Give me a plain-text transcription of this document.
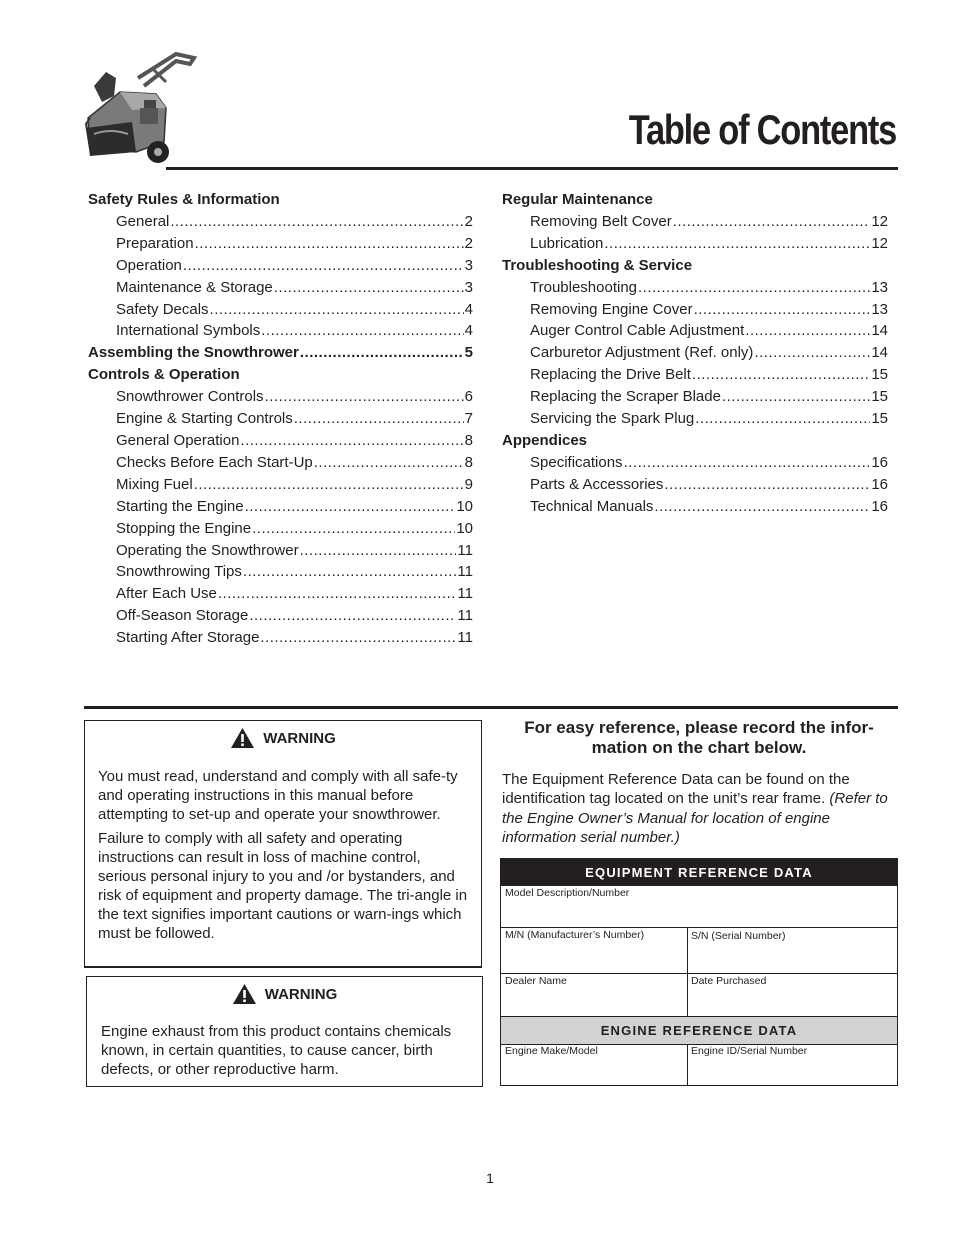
Table of Contents
Safety Rules & Information
General .....	2
Preparation .....	2
Operation .....	3
Maintenance & Storage .....	3
Safety Decals .....	4
International Symbols .....	4
Assembling the Snowthrower .....	5
Controls & Operation
Snowthrower Controls .....	6
Engine & Starting Controls .....	7
General Operation .....	8
Checks Before Each Start-Up .....	8
Mixing Fuel .....	9
Starting the Engine .....	10
Stopping the Engine .....	10
Operating the Snowthrower .....	11
Snowthrowing Tips .....	11
After Each Use .....	11
Off-Season Storage .....	11
Starting After Storage .....	11
Regular Maintenance
Removing Belt Cover .....	12
Lubrication .....	12
Troubleshooting & Service
Troubleshooting .....	13
Removing Engine Cover .....	13
Auger Control Cable Adjustment .....	14
Carburetor Adjustment (Ref. only) .....	14
Replacing the Drive Belt .....	15
Replacing the Scraper Blade .....	15
Servicing the Spark Plug .....	15
Appendices
Specifications .....	16
Parts & Accessories .....	16
Technical Manuals .....	16
WARNING

You must read, understand and comply with all safe-ty and operating instructions in this manual before attempting to set-up and operate your snowthrower.

Failure to comply with all safety and operating instructions can result in loss of machine control, serious personal injury to you and /or bystanders, and risk of equipment and property damage. The tri-angle in the text signifies important cautions or warn-ings which must be followed.

WARNING

Engine exhaust from this product contains chemicals known, in certain quantities, to cause cancer, birth defects, or other reproductive harm.

For easy reference, please record the infor-mation on the chart below.

The Equipment Reference Data can be found on the identification tag located on the unit’s rear frame. (Refer to the Engine Owner’s Manual for location of engine information serial number.)

EQUIPMENT REFERENCE DATA
Model Description/Number
M/N (Manufacturer’s Number)	S/N (Serial Number)
Dealer Name	Date Purchased
ENGINE REFERENCE DATA
Engine Make/Model	Engine ID/Serial Number
1
